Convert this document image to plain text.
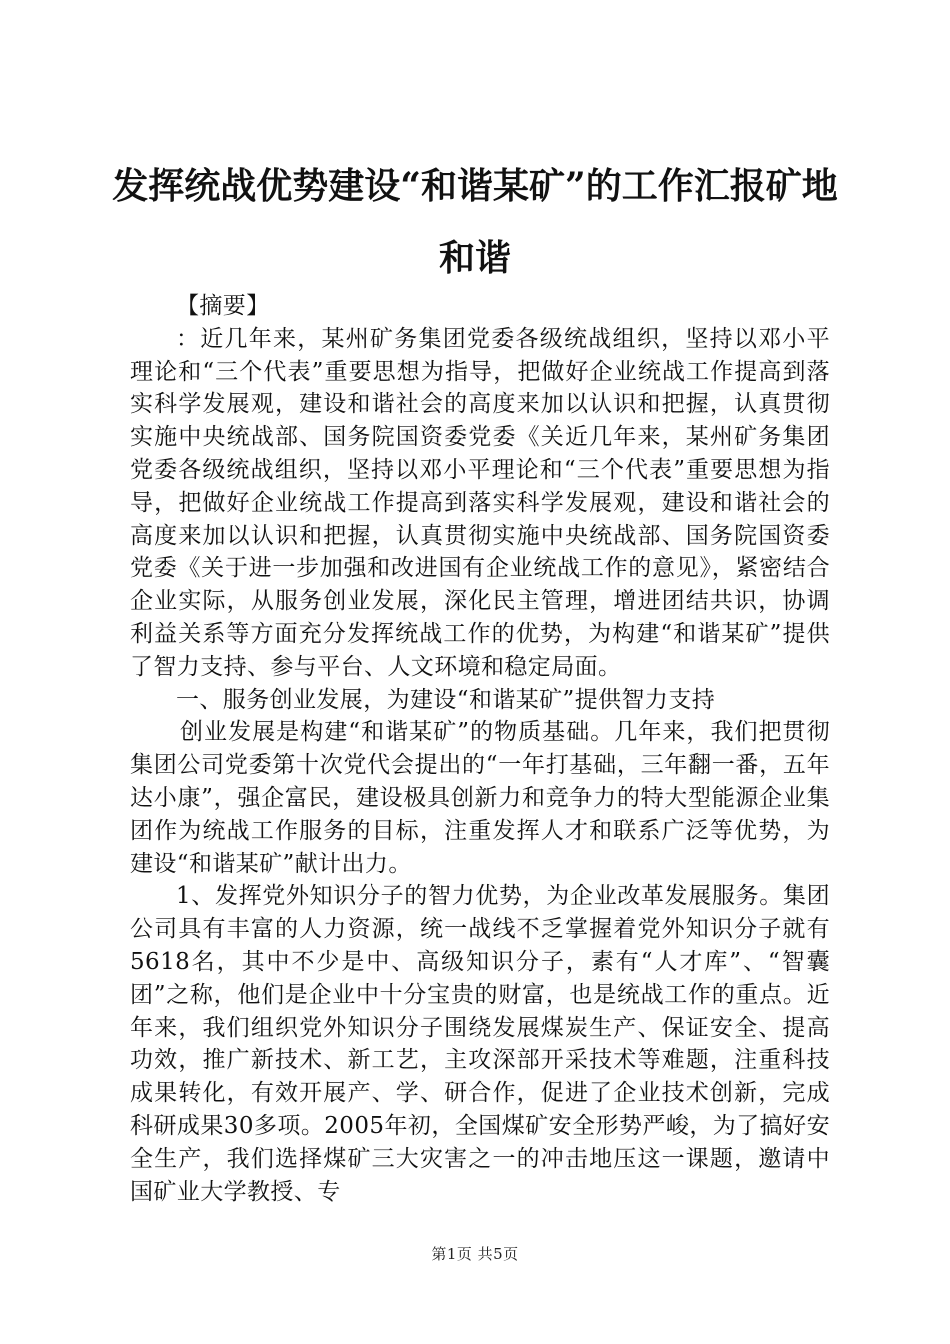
发挥统战优势建设“和谐某矿”的工作汇报矿地和谐

【摘要】

：近几年来，某州矿务集团党委各级统战组织，坚持以邓小平理论和“三个代表”重要思想为指导，把做好企业统战工作提高到落实科学发展观，建设和谐社会的高度来加以认识和把握，认真贯彻实施中央统战部、国务院国资委党委《关近几年来，某州矿务集团党委各级统战组织，坚持以邓小平理论和“三个代表”重要思想为指导，把做好企业统战工作提高到落实科学发展观，建设和谐社会的高度来加以认识和把握，认真贯彻实施中央统战部、国务院国资委党委《关于进一步加强和改进国有企业统战工作的意见》，紧密结合企业实际，从服务创业发展，深化民主管理，增进团结共识，协调利益关系等方面充分发挥统战工作的优势，为构建“和谐某矿”提供了智力支持、参与平台、人文环境和稳定局面。

一、服务创业发展，为建设“和谐某矿”提供智力支持

创业发展是构建“和谐某矿”的物质基础。几年来，我们把贯彻集团公司党委第十次党代会提出的“一年打基础，三年翻一番，五年达小康”，强企富民，建设极具创新力和竞争力的特大型能源企业集团作为统战工作服务的目标，注重发挥人才和联系广泛等优势，为建设“和谐某矿”献计出力。

1、发挥党外知识分子的智力优势，为企业改革发展服务。集团公司具有丰富的人力资源，统一战线不乏掌握着党外知识分子就有5618名，其中不少是中、高级知识分子，素有“人才库”、“智囊团”之称，他们是企业中十分宝贵的财富，也是统战工作的重点。近年来，我们组织党外知识分子围绕发展煤炭生产、保证安全、提高功效，推广新技术、新工艺，主攻深部开采技术等难题，注重科技成果转化，有效开展产、学、研合作，促进了企业技术创新，完成科研成果30多项。2005年初，全国煤矿安全形势严峻，为了搞好安全生产，我们选择煤矿三大灾害之一的冲击地压这一课题，邀请中国矿业大学教授、专

第1页 共5页
